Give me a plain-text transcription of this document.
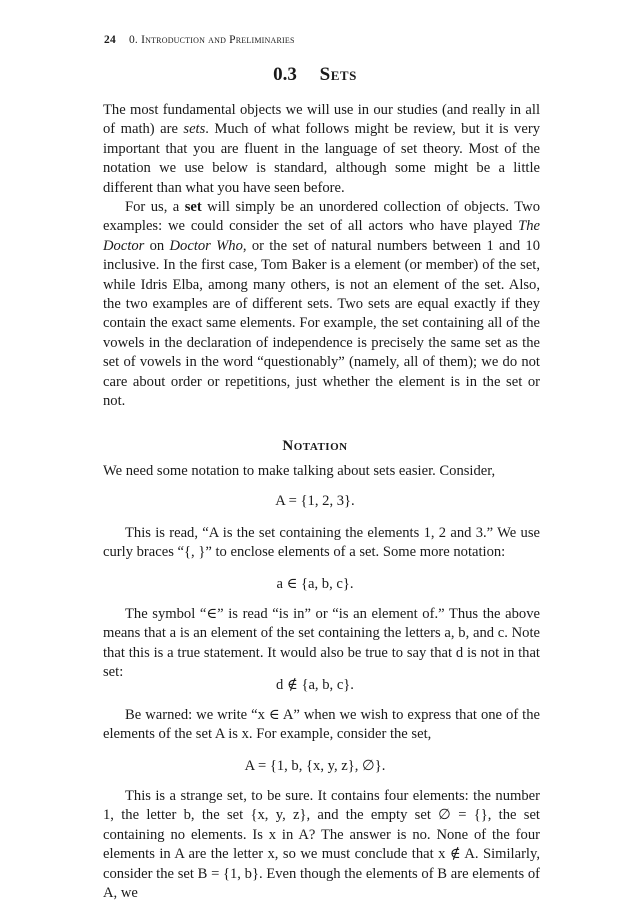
24 0. Introduction and Preliminaries
0.3 Sets

The most fundamental objects we will use in our studies (and really in all of math) are sets. Much of what follows might be review, but it is very important that you are fluent in the language of set theory. Most of the notation we use below is standard, although some might be a little different than what you have seen before.

For us, a set will simply be an unordered collection of objects. Two examples: we could consider the set of all actors who have played The Doctor on Doctor Who, or the set of natural numbers between 1 and 10 inclusive. In the first case, Tom Baker is a element (or member) of the set, while Idris Elba, among many others, is not an element of the set. Also, the two examples are of different sets. Two sets are equal exactly if they contain the exact same elements. For example, the set containing all of the vowels in the declaration of independence is precisely the same set as the set of vowels in the word “questionably” (namely, all of them); we do not care about order or repetitions, just whether the element is in the set or not.

Notation

We need some notation to make talking about sets easier. Consider,

A = {1, 2, 3}.

This is read, “A is the set containing the elements 1, 2 and 3.” We use curly braces “{, }” to enclose elements of a set. Some more notation:

a ∈ {a, b, c}.

The symbol “∈” is read “is in” or “is an element of.” Thus the above means that a is an element of the set containing the letters a, b, and c. Note that this is a true statement. It would also be true to say that d is not in that set:

d ∉ {a, b, c}.

Be warned: we write “x ∈ A” when we wish to express that one of the elements of the set A is x. For example, consider the set,

A = {1, b, {x, y, z}, ∅}.

This is a strange set, to be sure. It contains four elements: the number 1, the letter b, the set {x, y, z}, and the empty set ∅ = {}, the set containing no elements. Is x in A? The answer is no. None of the four elements in A are the letter x, so we must conclude that x ∉ A. Similarly, consider the set B = {1, b}. Even though the elements of B are elements of A, we
